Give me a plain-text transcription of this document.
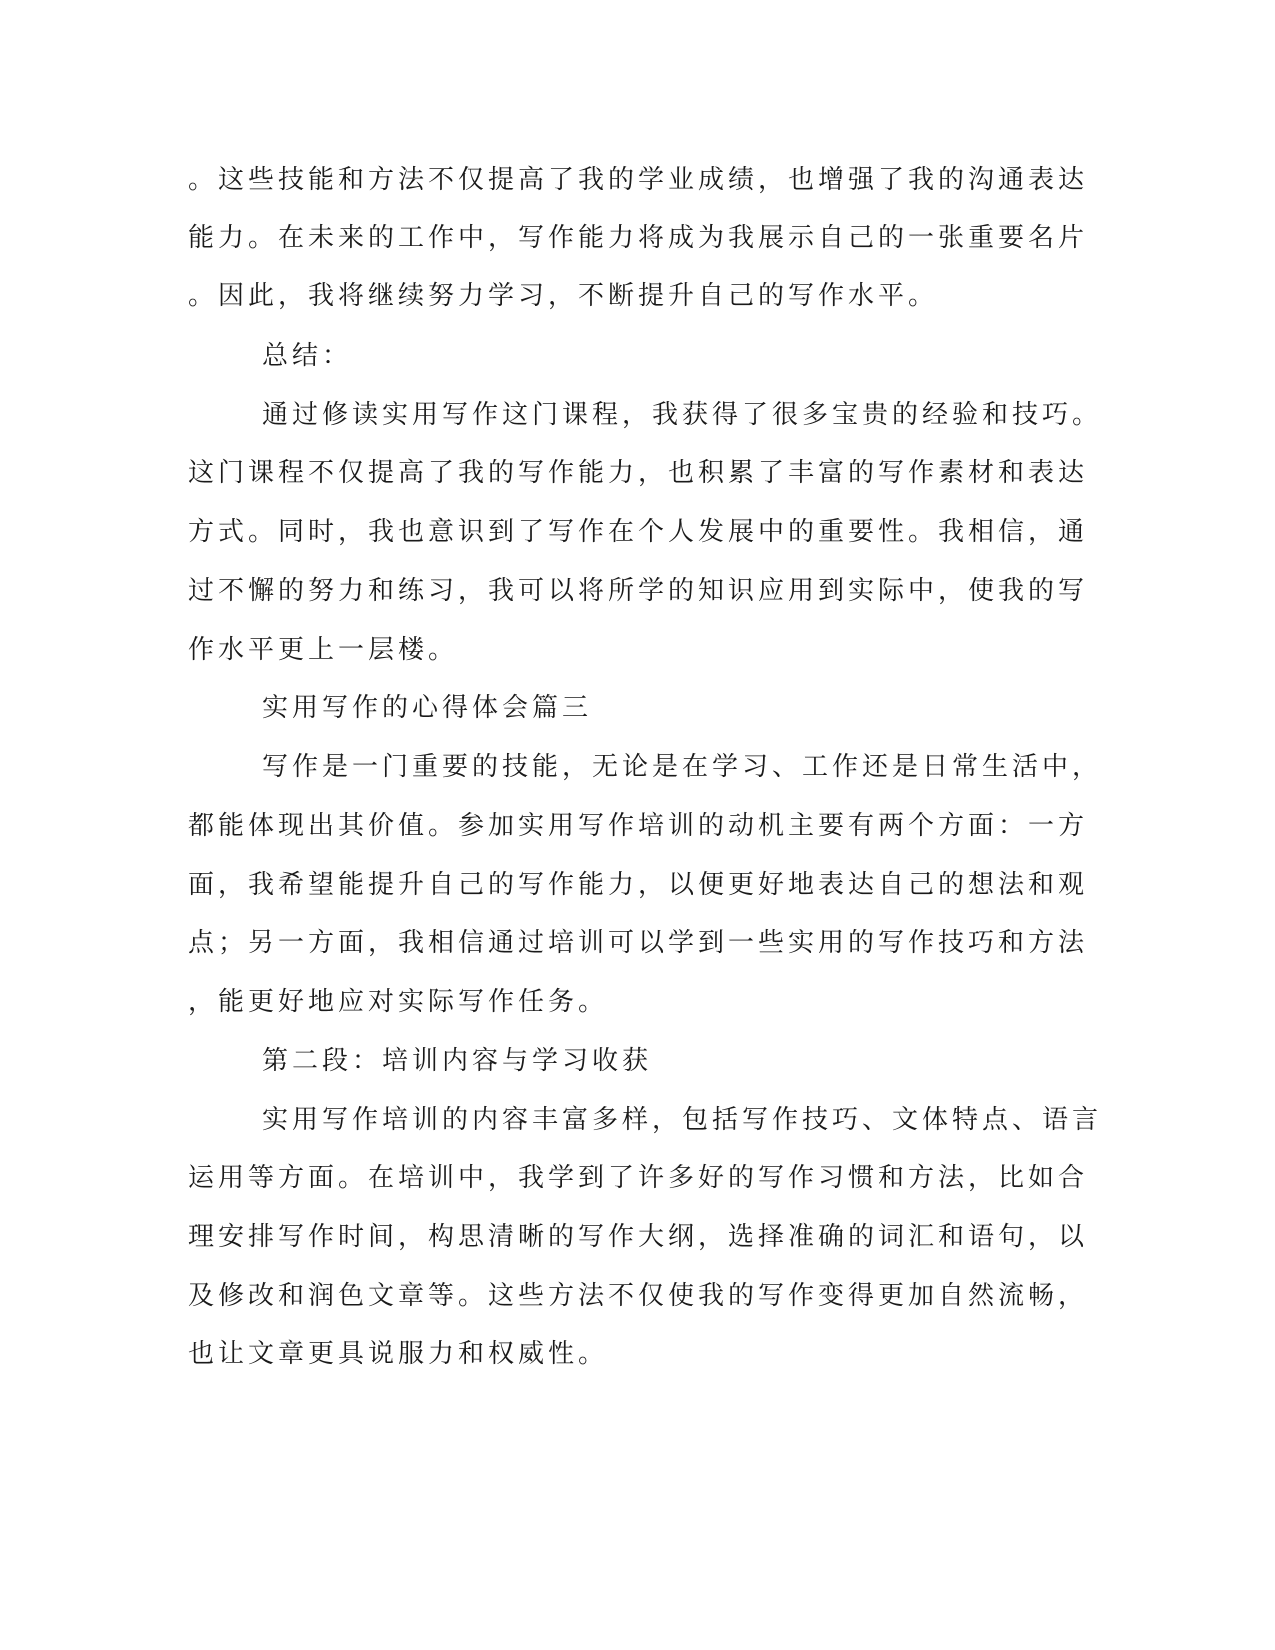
。这些技能和方法不仅提高了我的学业成绩，也增强了我的沟通表达
能力。在未来的工作中，写作能力将成为我展示自己的一张重要名片
。因此，我将继续努力学习，不断提升自己的写作水平。
总结：
通过修读实用写作这门课程，我获得了很多宝贵的经验和技巧。
这门课程不仅提高了我的写作能力，也积累了丰富的写作素材和表达
方式。同时，我也意识到了写作在个人发展中的重要性。我相信，通
过不懈的努力和练习，我可以将所学的知识应用到实际中，使我的写
作水平更上一层楼。
实用写作的心得体会篇三
写作是一门重要的技能，无论是在学习、工作还是日常生活中，
都能体现出其价值。参加实用写作培训的动机主要有两个方面：一方
面，我希望能提升自己的写作能力，以便更好地表达自己的想法和观
点；另一方面，我相信通过培训可以学到一些实用的写作技巧和方法
，能更好地应对实际写作任务。
第二段：培训内容与学习收获
实用写作培训的内容丰富多样，包括写作技巧、文体特点、语言
运用等方面。在培训中，我学到了许多好的写作习惯和方法，比如合
理安排写作时间，构思清晰的写作大纲，选择准确的词汇和语句，以
及修改和润色文章等。这些方法不仅使我的写作变得更加自然流畅，
也让文章更具说服力和权威性。
